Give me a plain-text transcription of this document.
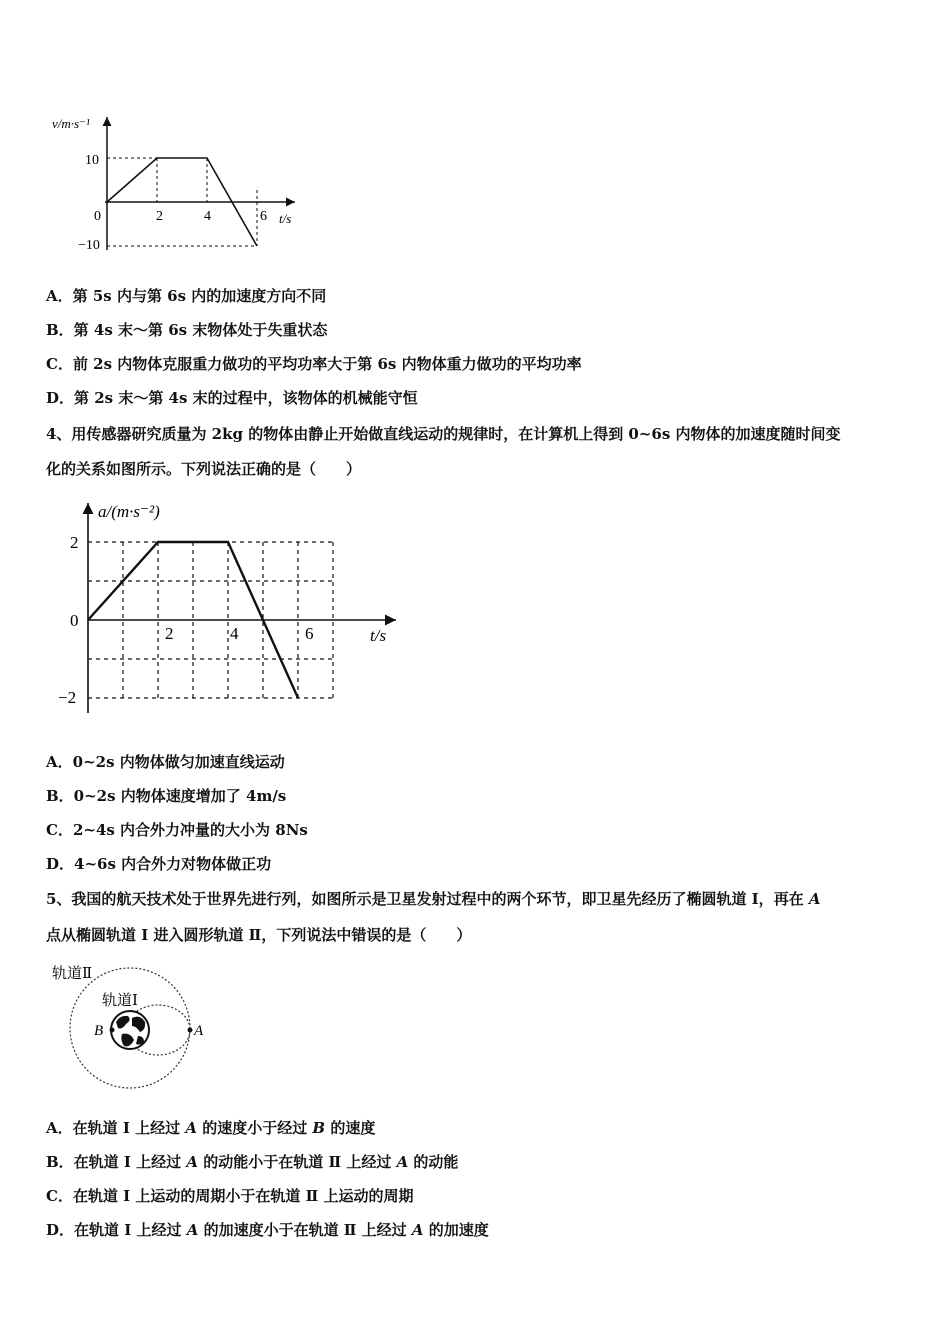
v/m·s⁻¹
t/s
0
10
−10
2	4	6
A．第 5s 内与第 6s 内的加速度方向不同
B．第 4s 末～第 6s 末物体处于失重状态
C．前 2s 内物体克服重力做功的平均功率大于第 6s 内物体重力做功的平均功率
D．第 2s 末～第 4s 末的过程中，该物体的机械能守恒
4、用传感器研究质量为 2kg 的物体由静止开始做直线运动的规律时，在计算机上得到 0~6s 内物体的加速度随时间变
化的关系如图所示。下列说法正确的是（　　）
a/(m·s⁻²)
t/s
0
2
−2
2	4	6
A．0~2s 内物体做匀加速直线运动
B．0~2s 内物体速度增加了 4m/s
C．2~4s 内合外力冲量的大小为 8Ns
D．4~6s 内合外力对物体做正功
5、我国的航天技术处于世界先进行列，如图所示是卫星发射过程中的两个环节，即卫星先经历了椭圆轨道 I，再在 A
点从椭圆轨道 I 进入圆形轨道 Ⅱ，下列说法中错误的是（　　）
轨道Ⅱ
轨道Ⅰ
B	A
A．在轨道 I 上经过 A 的速度小于经过 B 的速度
B．在轨道 I 上经过 A 的动能小于在轨道 Ⅱ 上经过 A 的动能
C．在轨道 I 上运动的周期小于在轨道 Ⅱ 上运动的周期
D．在轨道 I 上经过 A 的加速度小于在轨道 Ⅱ 上经过 A 的加速度
